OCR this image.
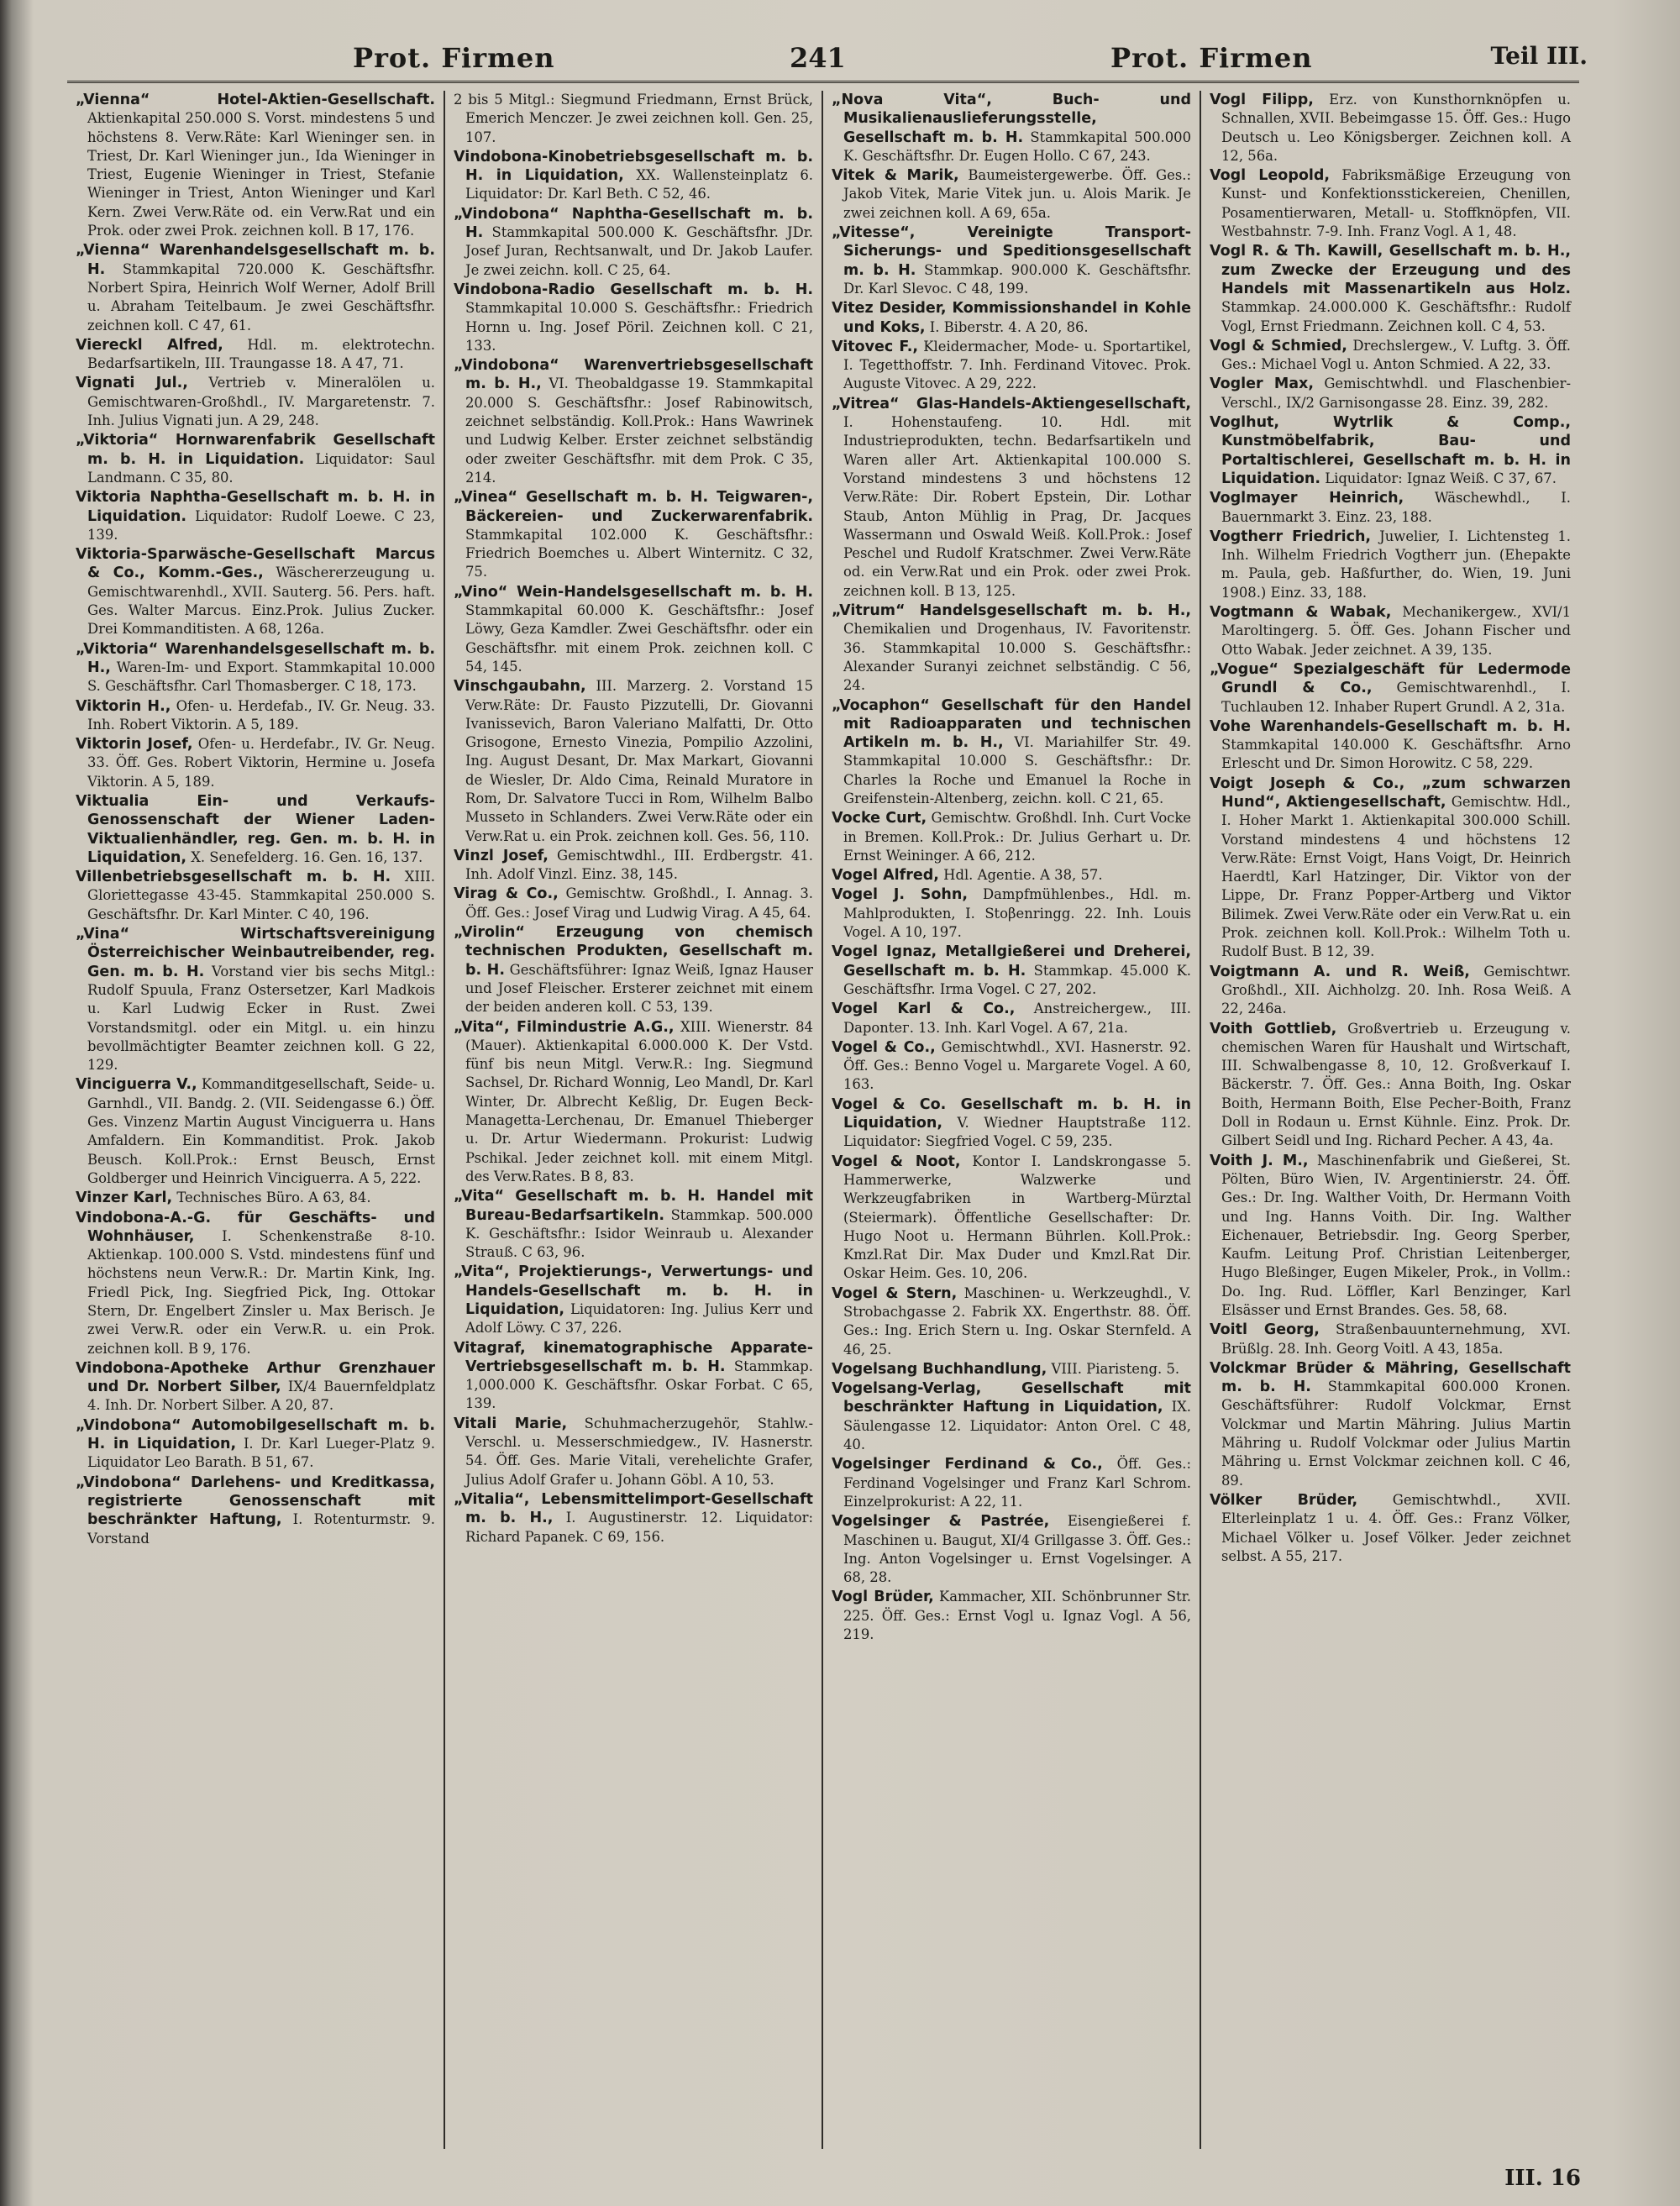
Prot. Firmen	241	Prot. Firmen	Teil III.

„Vienna“ Hotel-Aktien-Gesellschaft. Aktienkapital 250.000 S. Vorst. mindestens 5 und höchstens 8. Verw.Räte: Karl Wieninger sen. in Triest, Dr. Karl Wieninger jun., Ida Wieninger in Triest, Eugenie Wieninger in Triest, Stefanie Wieninger in Triest, Anton Wieninger und Karl Kern. Zwei Verw.Räte od. ein Verw.Rat und ein Prok. oder zwei Prok. zeichnen koll. B 17, 176.

„Vienna“ Warenhandelsgesellschaft m. b. H. Stammkapital 720.000 K. Geschäftsfhr. Norbert Spira, Heinrich Wolf Werner, Adolf Brill u. Abraham Teitelbaum. Je zwei Geschäftsfhr. zeichnen koll. C 47, 61.

Viereckl Alfred, Hdl. m. elektrotechn. Bedarfsartikeln, III. Traungasse 18. A 47, 71.

Vignati Jul., Vertrieb v. Mineralölen u. Gemischtwaren-Großhdl., IV. Margaretenstr. 7. Inh. Julius Vignati jun. A 29, 248.

„Viktoria“ Hornwarenfabrik Gesellschaft m. b. H. in Liquidation. Liquidator: Saul Landmann. C 35, 80.

Viktoria Naphtha-Gesellschaft m. b. H. in Liquidation. Liquidator: Rudolf Loewe. C 23, 139.

Viktoria-Sparwäsche-Gesellschaft Marcus & Co., Komm.-Ges., Wäschererzeugung u. Gemischtwarenhdl., XVII. Sauterg. 56. Pers. haft. Ges. Walter Marcus. Einz.Prok. Julius Zucker. Drei Kommanditisten. A 68, 126a.

„Viktoria“ Warenhandelsgesellschaft m. b. H., Waren-Im- und Export. Stammkapital 10.000 S. Geschäftsfhr. Carl Thomasberger. C 18, 173.

Viktorin H., Ofen- u. Herdefab., IV. Gr. Neug. 33. Inh. Robert Viktorin. A 5, 189.

Viktorin Josef, Ofen- u. Herdefabr., IV. Gr. Neug. 33. Öff. Ges. Robert Viktorin, Hermine u. Josefa Viktorin. A 5, 189.

Viktualia Ein- und Verkaufs-Genossenschaft der Wiener Laden-Viktualienhändler, reg. Gen. m. b. H. in Liquidation, X. Senefelderg. 16. Gen. 16, 137.

Villenbetriebsgesellschaft m. b. H. XIII. Gloriettegasse 43-45. Stammkapital 250.000 S. Geschäftsfhr. Dr. Karl Minter. C 40, 196.

„Vina“ Wirtschaftsvereinigung Österreichischer Weinbautreibender, reg. Gen. m. b. H. Vorstand vier bis sechs Mitgl.: Rudolf Spuula, Franz Ostersetzer, Karl Madkois u. Karl Ludwig Ecker in Rust. Zwei Vorstandsmitgl. oder ein Mitgl. u. ein hinzu bevollmächtigter Beamter zeichnen koll. G 22, 129.

Vinciguerra V., Kommanditgesellschaft, Seide- u. Garnhdl., VII. Bandg. 2. (VII. Seidengasse 6.) Öff. Ges. Vinzenz Martin August Vinciguerra u. Hans Amfaldern. Ein Kommanditist. Prok. Jakob Beusch. Koll.Prok.: Ernst Beusch, Ernst Goldberger und Heinrich Vinciguerra. A 5, 222.

Vinzer Karl, Technisches Büro. A 63, 84.

Vindobona-A.-G. für Geschäfts- und Wohnhäuser, I. Schenkenstraße 8-10. Aktienkap. 100.000 S. Vstd. mindestens fünf und höchstens neun Verw.R.: Dr. Martin Kink, Ing. Friedl Pick, Ing. Siegfried Pick, Ing. Ottokar Stern, Dr. Engelbert Zinsler u. Max Berisch. Je zwei Verw.R. oder ein Verw.R. u. ein Prok. zeichnen koll. B 9, 176.

Vindobona-Apotheke Arthur Grenzhauer und Dr. Norbert Silber, IX/4 Bauernfeldplatz 4. Inh. Dr. Norbert Silber. A 20, 87.

„Vindobona“ Automobilgesellschaft m. b. H. in Liquidation, I. Dr. Karl Lueger-Platz 9. Liquidator Leo Barath. B 51, 67.

„Vindobona“ Darlehens- und Kreditkassa, registrierte Genossenschaft mit beschränkter Haftung, I. Rotenturmstr. 9. Vorstand

2 bis 5 Mitgl.: Siegmund Friedmann, Ernst Brück, Emerich Menczer. Je zwei zeichnen koll. Gen. 25, 107.

Vindobona-Kinobetriebsgesellschaft m. b. H. in Liquidation, XX. Wallensteinplatz 6. Liquidator: Dr. Karl Beth. C 52, 46.

„Vindobona“ Naphtha-Gesellschaft m. b. H. Stammkapital 500.000 K. Geschäftsfhr. JDr. Josef Juran, Rechtsanwalt, und Dr. Jakob Laufer. Je zwei zeichn. koll. C 25, 64.

Vindobona-Radio Gesellschaft m. b. H. Stammkapital 10.000 S. Geschäftsfhr.: Friedrich Hornn u. Ing. Josef Pöril. Zeichnen koll. C 21, 133.

„Vindobona“ Warenvertriebsgesellschaft m. b. H., VI. Theobaldgasse 19. Stammkapital 20.000 S. Geschäftsfhr.: Josef Rabinowitsch, zeichnet selbständig. Koll.Prok.: Hans Wawrinek und Ludwig Kelber. Erster zeichnet selbständig oder zweiter Geschäftsfhr. mit dem Prok. C 35, 214.

„Vinea“ Gesellschaft m. b. H. Teigwaren-, Bäckereien- und Zuckerwarenfabrik. Stammkapital 102.000 K. Geschäftsfhr.: Friedrich Boemches u. Albert Winternitz. C 32, 75.

„Vino“ Wein-Handelsgesellschaft m. b. H. Stammkapital 60.000 K. Geschäftsfhr.: Josef Löwy, Geza Kamdler. Zwei Geschäftsfhr. oder ein Geschäftsfhr. mit einem Prok. zeichnen koll. C 54, 145.

Vinschgaubahn, III. Marzerg. 2. Vorstand 15 Verw.Räte: Dr. Fausto Pizzutelli, Dr. Giovanni Ivanissevich, Baron Valeriano Malfatti, Dr. Otto Grisogone, Ernesto Vinezia, Pompilio Azzolini, Ing. August Desant, Dr. Max Markart, Giovanni de Wiesler, Dr. Aldo Cima, Reinald Muratore in Rom, Dr. Salvatore Tucci in Rom, Wilhelm Balbo Musseto in Schlanders. Zwei Verw.Räte oder ein Verw.Rat u. ein Prok. zeichnen koll. Ges. 56, 110.

Vinzl Josef, Gemischtwdhl., III. Erdbergstr. 41. Inh. Adolf Vinzl. Einz. 38, 145.

Virag & Co., Gemischtw. Großhdl., I. Annag. 3. Öff. Ges.: Josef Virag und Ludwig Virag. A 45, 64.

„Virolin“ Erzeugung von chemisch technischen Produkten, Gesellschaft m. b. H. Geschäftsführer: Ignaz Weiß, Ignaz Hauser und Josef Fleischer. Ersterer zeichnet mit einem der beiden anderen koll. C 53, 139.

„Vita“, Filmindustrie A.G., XIII. Wienerstr. 84 (Mauer). Aktienkapital 6.000.000 K. Der Vstd. fünf bis neun Mitgl. Verw.R.: Ing. Siegmund Sachsel, Dr. Richard Wonnig, Leo Mandl, Dr. Karl Winter, Dr. Albrecht Keßlig, Dr. Eugen Beck-Managetta-Lerchenau, Dr. Emanuel Thieberger u. Dr. Artur Wiedermann. Prokurist: Ludwig Pschikal. Jeder zeichnet koll. mit einem Mitgl. des Verw.Rates. B 8, 83.

„Vita“ Gesellschaft m. b. H. Handel mit Bureau-Bedarfsartikeln. Stammkap. 500.000 K. Geschäftsfhr.: Isidor Weinraub u. Alexander Strauß. C 63, 96.

„Vita“, Projektierungs-, Verwertungs- und Handels-Gesellschaft m. b. H. in Liquidation, Liquidatoren: Ing. Julius Kerr und Adolf Löwy. C 37, 226.

Vitagraf, kinematographische Apparate-Vertriebsgesellschaft m. b. H. Stammkap. 1,000.000 K. Geschäftsfhr. Oskar Forbat. C 65, 139.

Vitali Marie, Schuhmacherzugehör, Stahlw.-Verschl. u. Messerschmiedgew., IV. Hasnerstr. 54. Öff. Ges. Marie Vitali, verehelichte Grafer, Julius Adolf Grafer u. Johann Göbl. A 10, 53.

„Vitalia“, Lebensmittelimport-Gesellschaft m. b. H., I. Augustinerstr. 12. Liquidator: Richard Papanek. C 69, 156.

„Nova Vita“, Buch- und Musikalienauslieferungsstelle, Gesellschaft m. b. H. Stammkapital 500.000 K. Geschäftsfhr. Dr. Eugen Hollo. C 67, 243.

Vitek & Marik, Baumeistergewerbe. Öff. Ges.: Jakob Vitek, Marie Vitek jun. u. Alois Marik. Je zwei zeichnen koll. A 69, 65a.

„Vitesse“, Vereinigte Transport-Sicherungs- und Speditionsgesellschaft m. b. H. Stammkap. 900.000 K. Geschäftsfhr. Dr. Karl Slevoc. C 48, 199.

Vitez Desider, Kommissionshandel in Kohle und Koks, I. Biberstr. 4. A 20, 86.

Vitovec F., Kleidermacher, Mode- u. Sportartikel, I. Tegetthoffstr. 7. Inh. Ferdinand Vitovec. Prok. Auguste Vitovec. A 29, 222.

„Vitrea“ Glas-Handels-Aktiengesellschaft, I. Hohenstaufeng. 10. Hdl. mit Industrieprodukten, techn. Bedarfsartikeln und Waren aller Art. Aktienkapital 100.000 S. Vorstand mindestens 3 und höchstens 12 Verw.Räte: Dir. Robert Epstein, Dir. Lothar Staub, Anton Mühlig in Prag, Dr. Jacques Wassermann und Oswald Weiß. Koll.Prok.: Josef Peschel und Rudolf Kratschmer. Zwei Verw.Räte od. ein Verw.Rat und ein Prok. oder zwei Prok. zeichnen koll. B 13, 125.

„Vitrum“ Handelsgesellschaft m. b. H., Chemikalien und Drogenhaus, IV. Favoritenstr. 36. Stammkapital 10.000 S. Geschäftsfhr.: Alexander Suranyi zeichnet selbständig. C 56, 24.

„Vocaphon“ Gesellschaft für den Handel mit Radioapparaten und technischen Artikeln m. b. H., VI. Mariahilfer Str. 49. Stammkapital 10.000 S. Geschäftsfhr.: Dr. Charles la Roche und Emanuel la Roche in Greifenstein-Altenberg, zeichn. koll. C 21, 65.

Vocke Curt, Gemischtw. Großhdl. Inh. Curt Vocke in Bremen. Koll.Prok.: Dr. Julius Gerhart u. Dr. Ernst Weininger. A 66, 212.

Vogel Alfred, Hdl. Agentie. A 38, 57.

Vogel J. Sohn, Dampfmühlenbes., Hdl. m. Mahlprodukten, I. Stoβenringg. 22. Inh. Louis Vogel. A 10, 197.

Vogel Ignaz, Metallgießerei und Dreherei, Gesellschaft m. b. H. Stammkap. 45.000 K. Geschäftsfhr. Irma Vogel. C 27, 202.

Vogel Karl & Co., Anstreichergew., III. Dapontег. 13. Inh. Karl Vogel. A 67, 21a.

Vogel & Co., Gemischtwhdl., XVI. Hasnerstr. 92. Öff. Ges.: Benno Vogel u. Margarete Vogel. A 60, 163.

Vogel & Co. Gesellschaft m. b. H. in Liquidation, V. Wiedner Hauptstraße 112. Liquidator: Siegfried Vogel. C 59, 235.

Vogel & Noot, Kontor I. Landskrongasse 5. Hammerwerke, Walzwerke und Werkzeugfabriken in Wartberg-Mürztal (Steiermark). Öffentliche Gesellschafter: Dr. Hugo Noot u. Hermann Bührlen. Koll.Prok.: Kmzl.Rat Dir. Max Duder und Kmzl.Rat Dir. Oskar Heim. Ges. 10, 206.

Vogel & Stern, Maschinen- u. Werkzeughdl., V. Strobachgasse 2. Fabrik XX. Engerthstr. 88. Öff. Ges.: Ing. Erich Stern u. Ing. Oskar Sternfeld. A 46, 25.

Vogelsang Buchhandlung, VIII. Piaristeng. 5.

Vogelsang-Verlag, Gesellschaft mit beschränkter Haftung in Liquidation, IX. Säulengasse 12. Liquidator: Anton Orel. C 48, 40.

Vogelsinger Ferdinand & Co., Öff. Ges.: Ferdinand Vogelsinger und Franz Karl Schrom. Einzelprokurist: A 22, 11.

Vogelsinger & Pastrée, Eisengießerei f. Maschinen u. Baugut, XI/4 Grillgasse 3. Öff. Ges.: Ing. Anton Vogelsinger u. Ernst Vogelsinger. A 68, 28.

Vogl Brüder, Kammacher, XII. Schönbrunner Str. 225. Öff. Ges.: Ernst Vogl u. Ignaz Vogl. A 56, 219.

Vogl Filipp, Erz. von Kunsthornknöpfen u. Schnallen, XVII. Bebeimgasse 15. Öff. Ges.: Hugo Deutsch u. Leo Königsberger. Zeichnen koll. A 12, 56a.

Vogl Leopold, Fabriksmäßige Erzeugung von Kunst- und Konfektionsstickereien, Chenillen, Posamentierwaren, Metall- u. Stoffknöpfen, VII. Westbahnstr. 7-9. Inh. Franz Vogl. A 1, 48.

Vogl R. & Th. Kawill, Gesellschaft m. b. H., zum Zwecke der Erzeugung und des Handels mit Massenartikeln aus Holz. Stammkap. 24.000.000 K. Geschäftsfhr.: Rudolf Vogl, Ernst Friedmann. Zeichnen koll. C 4, 53.

Vogl & Schmied, Drechslergew., V. Luftg. 3. Öff. Ges.: Michael Vogl u. Anton Schmied. A 22, 33.

Vogler Max, Gemischtwhdl. und Flaschenbier-Verschl., IX/2 Garnisongasse 28. Einz. 39, 282.

Voglhut, Wytrlik & Comp., Kunstmöbelfabrik, Bau- und Portaltischlerei, Gesellschaft m. b. H. in Liquidation. Liquidator: Ignaz Weiß. C 37, 67.

Voglmayer Heinrich, Wäschewhdl., I. Bauernmarkt 3. Einz. 23, 188.

Vogtherr Friedrich, Juwelier, I. Lichtensteg 1. Inh. Wilhelm Friedrich Vogtherr jun. (Ehepakte m. Paula, geb. Haßfurther, do. Wien, 19. Juni 1908.) Einz. 33, 188.

Vogtmann & Wabak, Mechanikergew., XVI/1 Maroltingerg. 5. Öff. Ges. Johann Fischer und Otto Wabak. Jeder zeichnet. A 39, 135.

„Vogue“ Spezialgeschäft für Ledermode Grundl & Co., Gemischtwarenhdl., I. Tuchlauben 12. Inhaber Rupert Grundl. A 2, 31a.

Vohe Warenhandels-Gesellschaft m. b. H. Stammkapital 140.000 K. Geschäftsfhr. Arno Erlescht und Dr. Simon Horowitz. C 58, 229.

Voigt Joseph & Co., „zum schwarzen Hund“, Aktiengesellschaft, Gemischtw. Hdl., I. Hoher Markt 1. Aktienkapital 300.000 Schill. Vorstand mindestens 4 und höchstens 12 Verw.Räte: Ernst Voigt, Hans Voigt, Dr. Heinrich Haerdtl, Karl Hatzinger, Dir. Viktor von der Lippe, Dr. Franz Popper-Artberg und Viktor Bilimek. Zwei Verw.Räte oder ein Verw.Rat u. ein Prok. zeichnen koll. Koll.Prok.: Wilhelm Toth u. Rudolf Bust. B 12, 39.

Voigtmann A. und R. Weiß, Gemischtwr. Großhdl., XII. Aichholzg. 20. Inh. Rosa Weiß. A 22, 246a.

Voith Gottlieb, Großvertrieb u. Erzeugung v. chemischen Waren für Haushalt und Wirtschaft, III. Schwalbengasse 8, 10, 12. Großverkauf I. Bäckerstr. 7. Öff. Ges.: Anna Boith, Ing. Oskar Boith, Hermann Boith, Else Pecher-Boith, Franz Doll in Rodaun u. Ernst Kühnle. Einz. Prok. Dr. Gilbert Seidl und Ing. Richard Pecher. A 43, 4a.

Voith J. M., Maschinenfabrik und Gießerei, St. Pölten, Büro Wien, IV. Argentinierstr. 24. Öff. Ges.: Dr. Ing. Walther Voith, Dr. Hermann Voith und Ing. Hanns Voith. Dir. Ing. Walther Eichenauer, Betriebsdir. Ing. Georg Sperber, Kaufm. Leitung Prof. Christian Leitenberger, Hugo Bleßinger, Eugen Mikeler, Prok., in Vollm.: Do. Ing. Rud. Löffler, Karl Benzinger, Karl Elsässer und Ernst Brandes. Ges. 58, 68.

Voitl Georg, Straßenbauunternehmung, XVI. Brüßlg. 28. Inh. Georg Voitl. A 43, 185a.

Volckmar Brüder & Mähring, Gesellschaft m. b. H. Stammkapital 600.000 Kronen. Geschäftsführer: Rudolf Volckmar, Ernst Volckmar und Martin Mähring. Julius Martin Mähring u. Rudolf Volckmar oder Julius Martin Mähring u. Ernst Volckmar zeichnen koll. C 46, 89.

Völker Brüder,	Gemischtwhdl., XVII. Elterleinplatz 1 u. 4. Öff. Ges.: Franz Völker, Michael Völker u. Josef Völker. Jeder zeichnet selbst. A 55, 217.

III. 16
